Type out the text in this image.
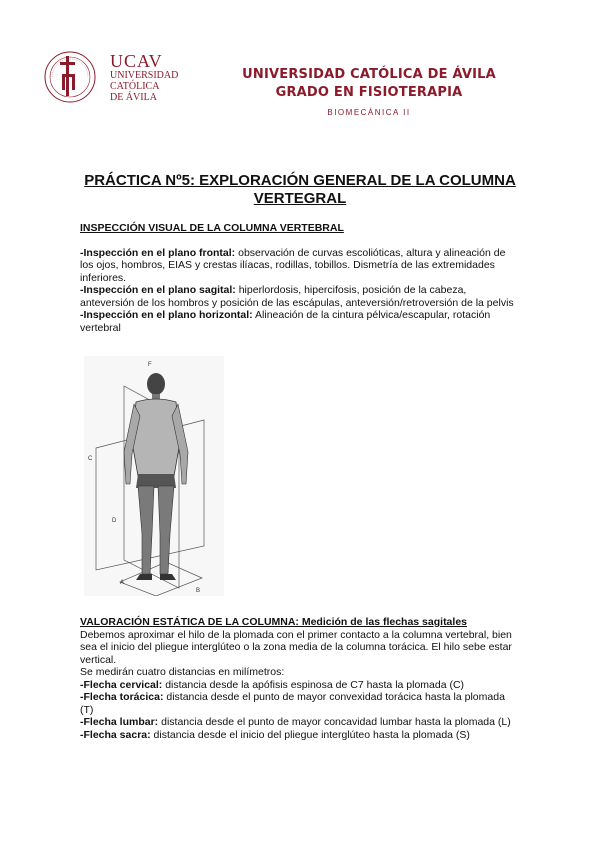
UCAV
UNIVERSIDAD
CATÓLICA
DE ÁVILA
UNIVERSIDAD CATÓLICA DE ÁVILA
GRADO EN FISIOTERAPIA
BIOMECÁNICA II
PRÁCTICA Nº5: EXPLORACIÓN GENERAL DE LA COLUMNA VERTEGRAL
INSPECCIÓN VISUAL DE LA COLUMNA VERTEBRAL

-Inspección en el plano frontal: observación de curvas escolióticas, altura y alineación de los ojos, hombros, EIAS y crestas ilíacas, rodillas, tobillos. Dismetría de las extremidades inferiores.

-Inspección en el plano sagital: hiperlordosis, hipercifosis, posición de la cabeza, anteversión de los hombros y posición de las escápulas, anteversión/retroversión de la pelvis

-Inspección en el plano horizontal: Alineación de la cintura pélvica/escapular, rotación vertebral

F
C
D
A
B
VALORACIÓN ESTÁTICA DE LA COLUMNA: Medición de las flechas sagitales

Debemos aproximar el hilo de la plomada con el primer contacto a la columna vertebral, bien sea el inicio del pliegue interglúteo o la zona media de la columna torácica. El hilo sebe estar vertical.

Se medirán cuatro distancias en milímetros:

-Flecha cervical: distancia desde la apófisis espinosa de C7 hasta la plomada (C)

-Flecha torácica: distancia desde el punto de mayor convexidad torácica hasta la plomada (T)

-Flecha lumbar: distancia desde el punto de mayor concavidad lumbar hasta la plomada (L)

-Flecha sacra: distancia desde el inicio del pliegue interglúteo hasta la plomada (S)
